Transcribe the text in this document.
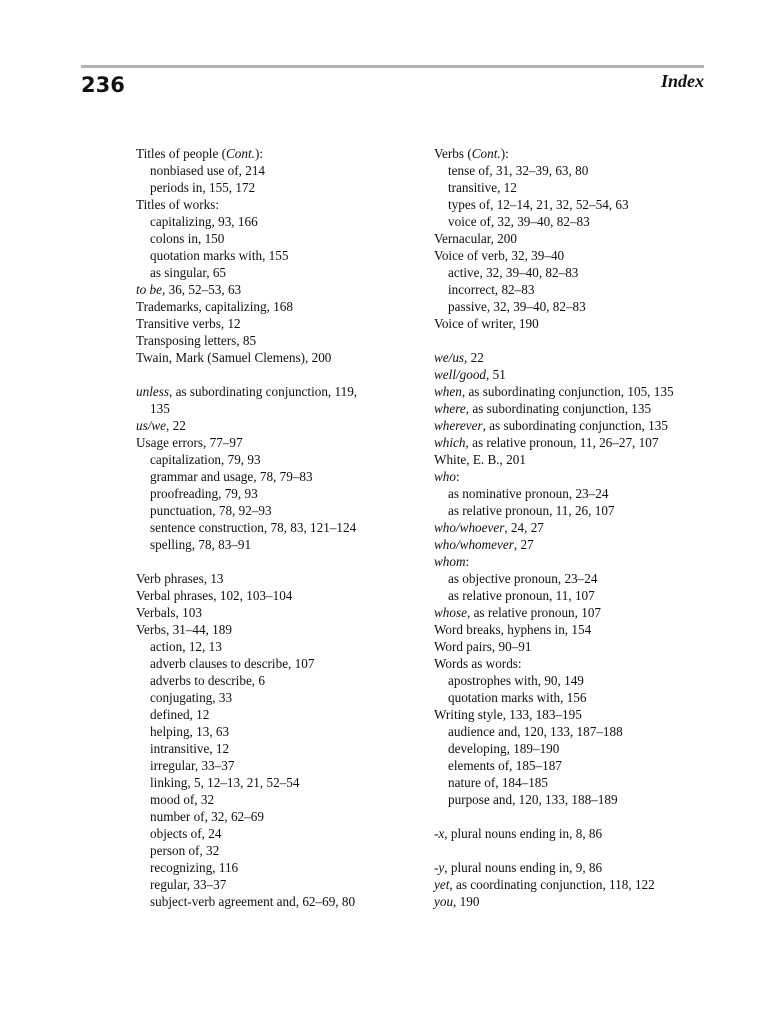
236	Index
Titles of people (Cont.):
nonbiased use of, 214
periods in, 155, 172
Titles of works:
capitalizing, 93, 166
colons in, 150
quotation marks with, 155
as singular, 65
to be, 36, 52–53, 63
Trademarks, capitalizing, 168
Transitive verbs, 12
Transposing letters, 85
Twain, Mark (Samuel Clemens), 200
unless, as subordinating conjunction, 119,
135
us/we, 22
Usage errors, 77–97
capitalization, 79, 93
grammar and usage, 78, 79–83
proofreading, 79, 93
punctuation, 78, 92–93
sentence construction, 78, 83, 121–124
spelling, 78, 83–91
Verb phrases, 13
Verbal phrases, 102, 103–104
Verbals, 103
Verbs, 31–44, 189
action, 12, 13
adverb clauses to describe, 107
adverbs to describe, 6
conjugating, 33
defined, 12
helping, 13, 63
intransitive, 12
irregular, 33–37
linking, 5, 12–13, 21, 52–54
mood of, 32
number of, 32, 62–69
objects of, 24
person of, 32
recognizing, 116
regular, 33–37
subject-verb agreement and, 62–69, 80
Verbs (Cont.):
tense of, 31, 32–39, 63, 80
transitive, 12
types of, 12–14, 21, 32, 52–54, 63
voice of, 32, 39–40, 82–83
Vernacular, 200
Voice of verb, 32, 39–40
active, 32, 39–40, 82–83
incorrect, 82–83
passive, 32, 39–40, 82–83
Voice of writer, 190
we/us, 22
well/good, 51
when, as subordinating conjunction, 105, 135
where, as subordinating conjunction, 135
wherever, as subordinating conjunction, 135
which, as relative pronoun, 11, 26–27, 107
White, E. B., 201
who:
as nominative pronoun, 23–24
as relative pronoun, 11, 26, 107
who/whoever, 24, 27
who/whomever, 27
whom:
as objective pronoun, 23–24
as relative pronoun, 11, 107
whose, as relative pronoun, 107
Word breaks, hyphens in, 154
Word pairs, 90–91
Words as words:
apostrophes with, 90, 149
quotation marks with, 156
Writing style, 133, 183–195
audience and, 120, 133, 187–188
developing, 189–190
elements of, 185–187
nature of, 184–185
purpose and, 120, 133, 188–189
-x, plural nouns ending in, 8, 86
-y, plural nouns ending in, 9, 86
yet, as coordinating conjunction, 118, 122
you, 190
